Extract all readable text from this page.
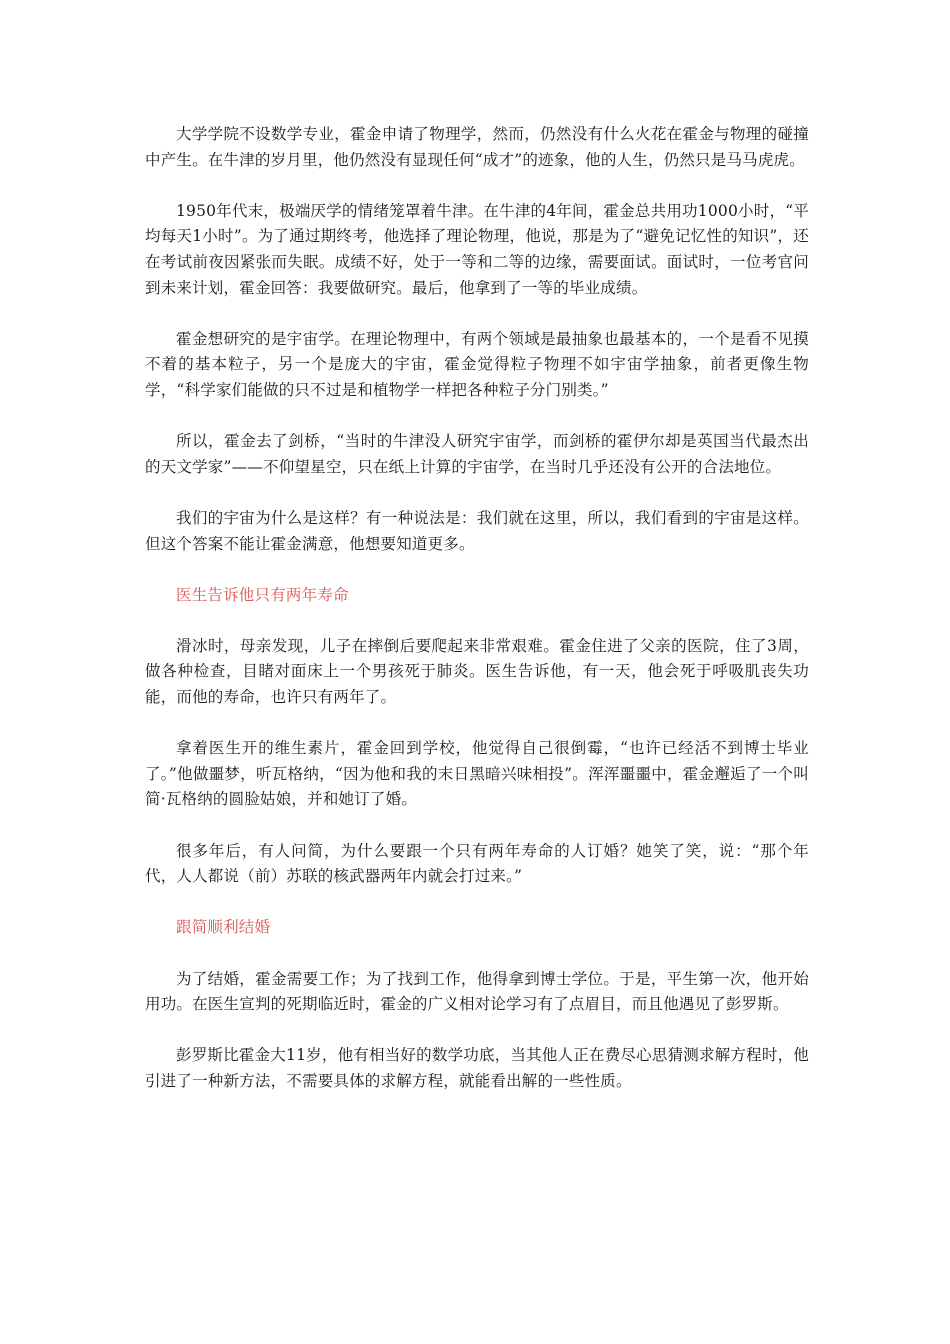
大学学院不设数学专业，霍金申请了物理学，然而，仍然没有什么火花在霍金与物理的碰撞中产生。在牛津的岁月里，他仍然没有显现任何“成才”的迹象，他的人生，仍然只是马马虎虎。

1950年代末，极端厌学的情绪笼罩着牛津。在牛津的4年间，霍金总共用功1000小时，“平均每天1小时”。为了通过期终考，他选择了理论物理，他说，那是为了“避免记忆性的知识”，还在考试前夜因紧张而失眠。成绩不好，处于一等和二等的边缘，需要面试。面试时，一位考官问到未来计划，霍金回答：我要做研究。最后，他拿到了一等的毕业成绩。

霍金想研究的是宇宙学。在理论物理中，有两个领域是最抽象也最基本的，一个是看不见摸不着的基本粒子，另一个是庞大的宇宙，霍金觉得粒子物理不如宇宙学抽象，前者更像生物学，“科学家们能做的只不过是和植物学一样把各种粒子分门别类。”

所以，霍金去了剑桥，“当时的牛津没人研究宇宙学，而剑桥的霍伊尔却是英国当代最杰出的天文学家”——不仰望星空，只在纸上计算的宇宙学，在当时几乎还没有公开的合法地位。

我们的宇宙为什么是这样？有一种说法是：我们就在这里，所以，我们看到的宇宙是这样。但这个答案不能让霍金满意，他想要知道更多。

医生告诉他只有两年寿命

滑冰时，母亲发现，儿子在摔倒后要爬起来非常艰难。霍金住进了父亲的医院，住了3周，做各种检查，目睹对面床上一个男孩死于肺炎。医生告诉他，有一天，他会死于呼吸肌丧失功能，而他的寿命，也许只有两年了。

拿着医生开的维生素片，霍金回到学校，他觉得自己很倒霉，“也许已经活不到博士毕业了。”他做噩梦，听瓦格纳，“因为他和我的末日黑暗兴味相投”。浑浑噩噩中，霍金邂逅了一个叫简·瓦格纳的圆脸姑娘，并和她订了婚。

很多年后，有人问简，为什么要跟一个只有两年寿命的人订婚？她笑了笑，说：“那个年代，人人都说（前）苏联的核武器两年内就会打过来。”

跟简顺利结婚

为了结婚，霍金需要工作；为了找到工作，他得拿到博士学位。于是，平生第一次，他开始用功。在医生宣判的死期临近时，霍金的广义相对论学习有了点眉目，而且他遇见了彭罗斯。

彭罗斯比霍金大11岁，他有相当好的数学功底，当其他人正在费尽心思猜测求解方程时，他引进了一种新方法，不需要具体的求解方程，就能看出解的一些性质。
